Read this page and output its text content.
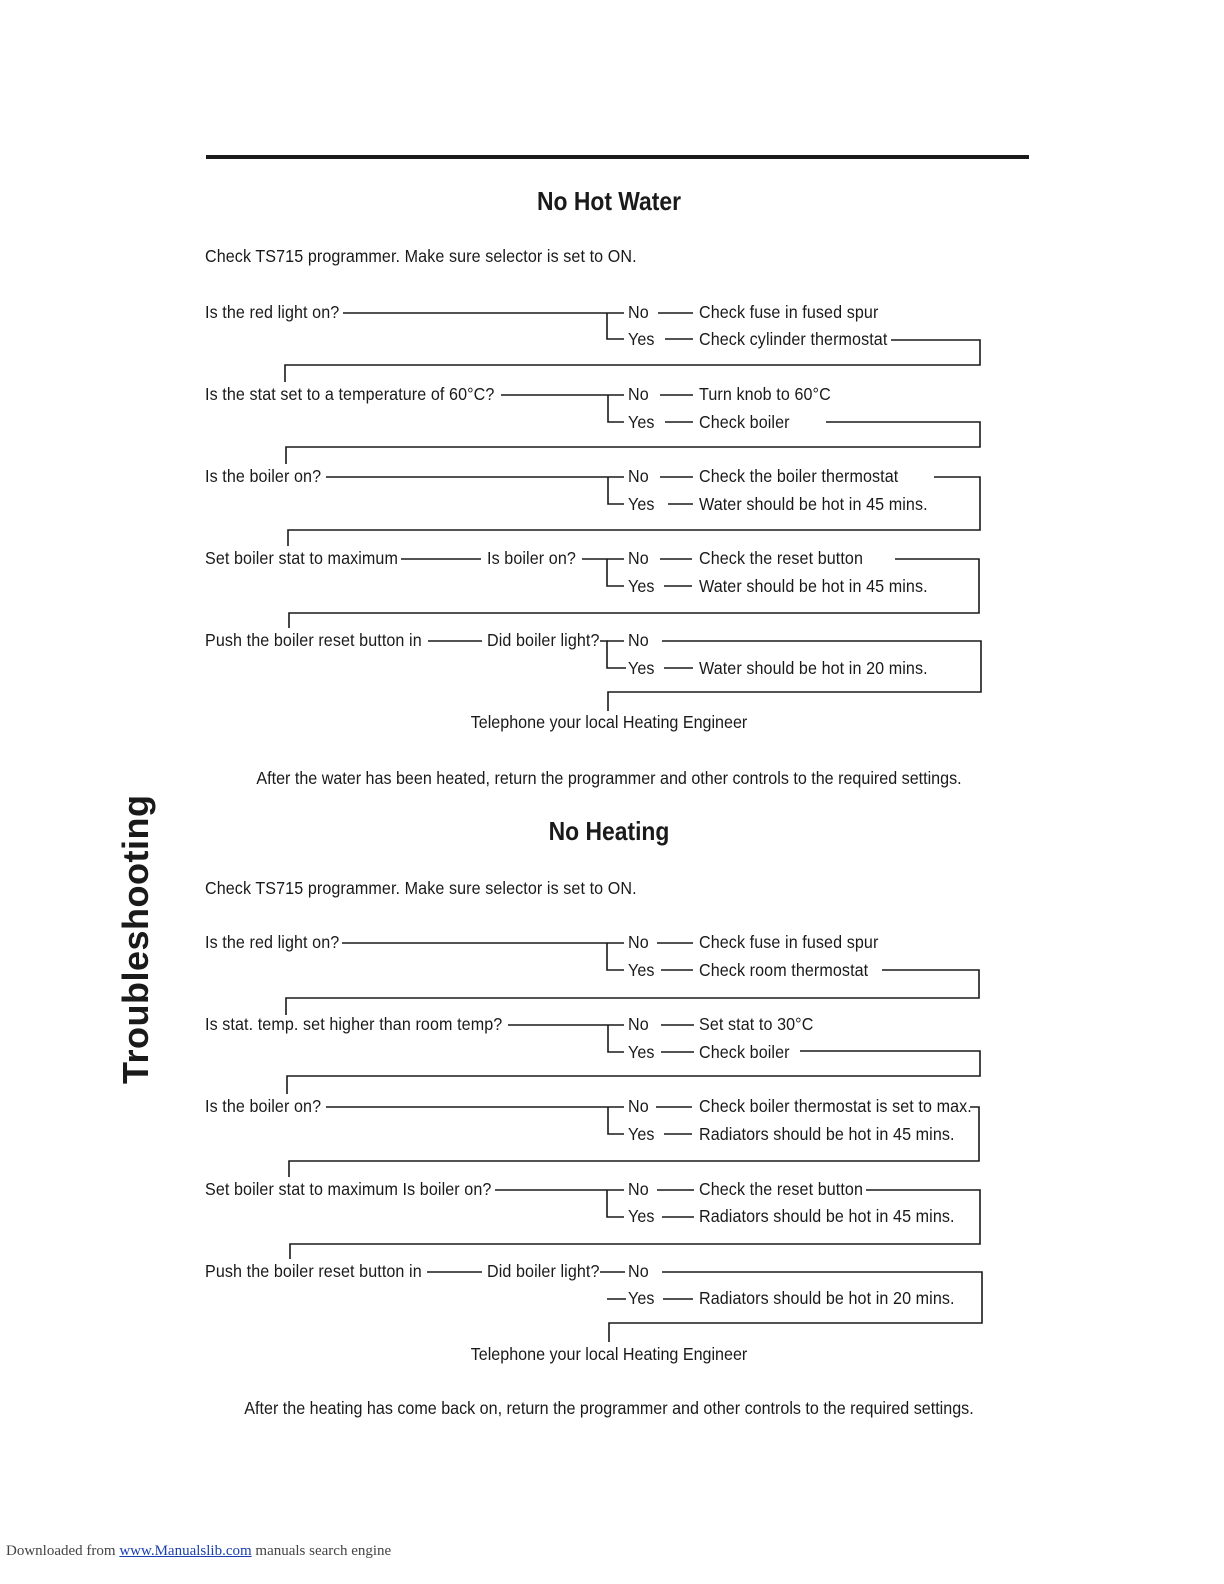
Troubleshooting
No Hot Water
Check TS715 programmer. Make sure selector is set to ON.
Is the red light on?	No	Check fuse in fused spur
Yes	Check cylinder thermostat
Is the stat set to a temperature of 60°C?	No	Turn knob to 60°C
Yes	Check boiler
Is the boiler on?	No	Check the boiler thermostat
Yes	Water should be hot in 45 mins.
Set boiler stat to maximum	Is boiler on?	No	Check the reset button
Yes	Water should be hot in 45 mins.
Push the boiler reset button in	Did boiler light? No
Yes	Water should be hot in 20 mins.
Telephone your local Heating Engineer
After the water has been heated, return the programmer and other controls to the required settings.
No Heating
Check TS715 programmer. Make sure selector is set to ON.
Is the red light on?	No	Check fuse in fused spur
Yes	Check room thermostat
Is stat. temp. set higher than room temp?	No	Set stat to 30°C
Yes	Check boiler
Is the boiler on?	No	Check boiler thermostat is set to max.
Yes	Radiators should be hot in 45 mins.
Set boiler stat to maximum Is boiler on?	No	Check the reset button
Yes	Radiators should be hot in 45 mins.
Push the boiler reset button in	Did boiler light? No
Yes	Radiators should be hot in 20 mins.
Telephone your local Heating Engineer
After the heating has come back on, return the programmer and other controls to the required settings.
Downloaded from www.Manualslib.com manuals search engine
